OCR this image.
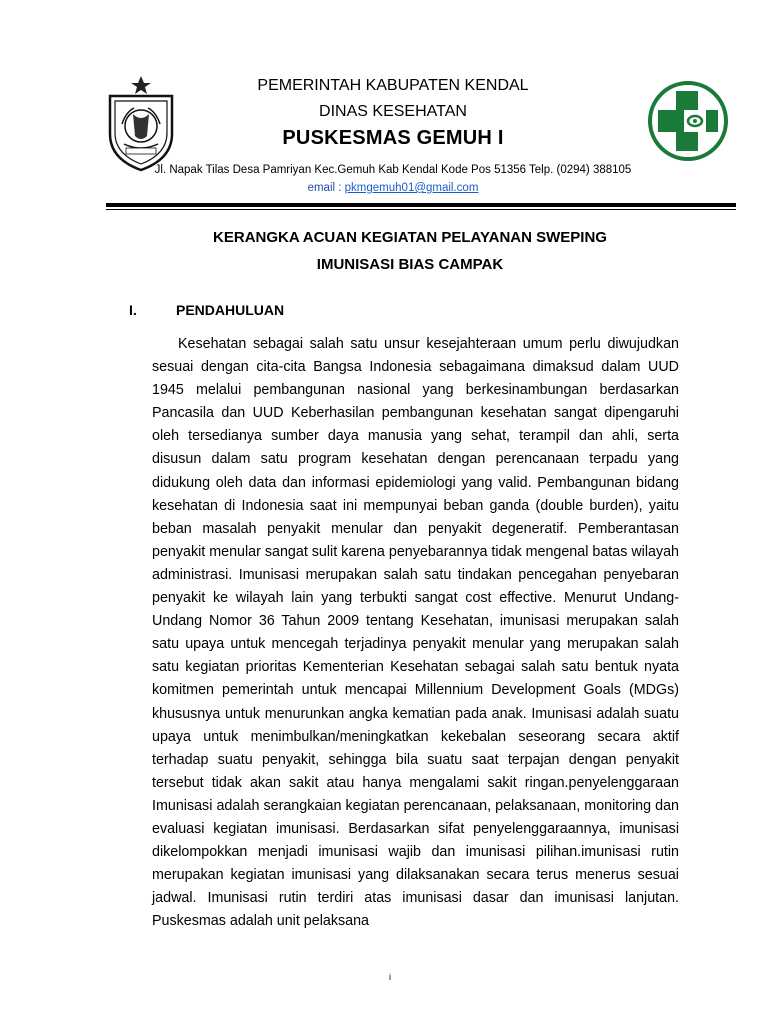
PEMERINTAH KABUPATEN KENDAL
DINAS KESEHATAN
PUSKESMAS GEMUH I
Jl. Napak Tilas Desa Pamriyan Kec.Gemuh Kab Kendal Kode Pos 51356 Telp. (0294) 388105
email : pkmgemuh01@gmail.com
KERANGKA ACUAN KEGIATAN PELAYANAN SWEPING
IMUNISASI BIAS CAMPAK
I.	PENDAHULUAN

Kesehatan sebagai salah satu unsur kesejahteraan umum perlu diwujudkan sesuai dengan cita-cita Bangsa Indonesia sebagaimana dimaksud dalam UUD 1945 melalui pembangunan nasional yang berkesinambungan berdasarkan Pancasila dan UUD Keberhasilan pembangunan kesehatan sangat dipengaruhi oleh tersedianya sumber daya manusia yang sehat, terampil dan ahli, serta disusun dalam satu program kesehatan dengan perencanaan terpadu yang didukung oleh data dan informasi epidemiologi yang valid. Pembangunan bidang kesehatan di Indonesia saat ini mempunyai beban ganda (double burden), yaitu beban masalah penyakit menular dan penyakit degeneratif. Pemberantasan penyakit menular sangat sulit karena penyebarannya tidak mengenal batas wilayah administrasi. Imunisasi merupakan salah satu tindakan pencegahan penyebaran penyakit ke wilayah lain yang terbukti sangat cost effective. Menurut Undang-Undang Nomor 36 Tahun 2009 tentang Kesehatan, imunisasi merupakan salah satu upaya untuk mencegah terjadinya penyakit menular yang merupakan salah satu kegiatan prioritas Kementerian Kesehatan sebagai salah satu bentuk nyata komitmen pemerintah untuk mencapai Millennium Development Goals (MDGs) khususnya untuk menurunkan angka kematian pada anak. Imunisasi adalah suatu upaya untuk menimbulkan/meningkatkan kekebalan seseorang secara aktif terhadap suatu penyakit, sehingga bila suatu saat terpajan dengan penyakit tersebut tidak akan sakit atau hanya mengalami sakit ringan.penyelenggaraan Imunisasi adalah serangkaian kegiatan perencanaan, pelaksanaan, monitoring dan evaluasi kegiatan imunisasi. Berdasarkan sifat penyelenggaraannya, imunisasi dikelompokkan menjadi imunisasi wajib dan imunisasi pilihan.imunisasi rutin merupakan kegiatan imunisasi yang dilaksanakan secara terus menerus sesuai jadwal. Imunisasi rutin terdiri atas imunisasi dasar dan imunisasi lanjutan. Puskesmas adalah unit pelaksana

i
